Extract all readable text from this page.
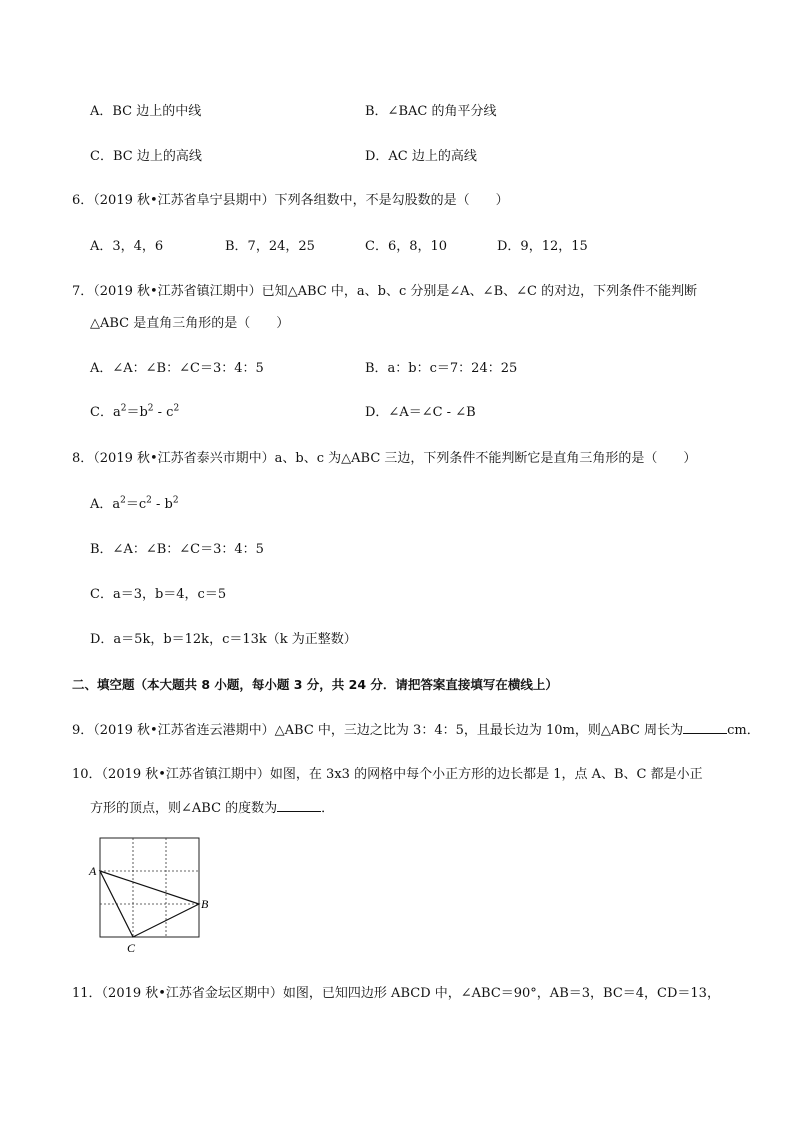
A．BC 边上的中线	B．∠BAC 的角平分线
C．BC 边上的高线	D．AC 边上的高线
6．（2019 秋•江苏省阜宁县期中）下列各组数中，不是勾股数的是（　　）
A．3，4，6	B．7，24，25	C．6，8，10	D．9，12，15
7．（2019 秋•江苏省镇江期中）已知△ABC 中，a、b、c 分别是∠A、∠B、∠C 的对边，下列条件不能判断
△ABC 是直角三角形的是（　　）
A．∠A：∠B：∠C＝3：4：5	B．a：b：c＝7：24：25
C．$a^2=b^2 - c^2$	D．∠A＝∠C - ∠B
8．（2019 秋•江苏省泰兴市期中）a、b、c 为△ABC 三边，下列条件不能判断它是直角三角形的是（　　）
A．$a^2=c^2 - b^2$
B．∠A：∠B：∠C＝3：4：5
C．a＝3，b＝4，c＝5
D．a＝5k，b＝12k，c＝13k（k 为正整数）
二、填空题（本大题共 8 小题，每小题 3 分，共 24 分．请把答案直接填写在横线上）
9．（2019 秋•江苏省连云港期中）△ABC 中，三边之比为 3：4：5，且最长边为 10m，则△ABC 周长为	cm．
10．（2019 秋•江苏省镇江期中）如图，在 3x3 的网格中每个小正方形的边长都是 1，点 A、B、C 都是小正
方形的顶点，则∠ABC 的度数为	．
A
B
C
11．（2019 秋•江苏省金坛区期中）如图，已知四边形 ABCD 中，∠ABC＝90°，AB＝3，BC＝4，CD＝13，
